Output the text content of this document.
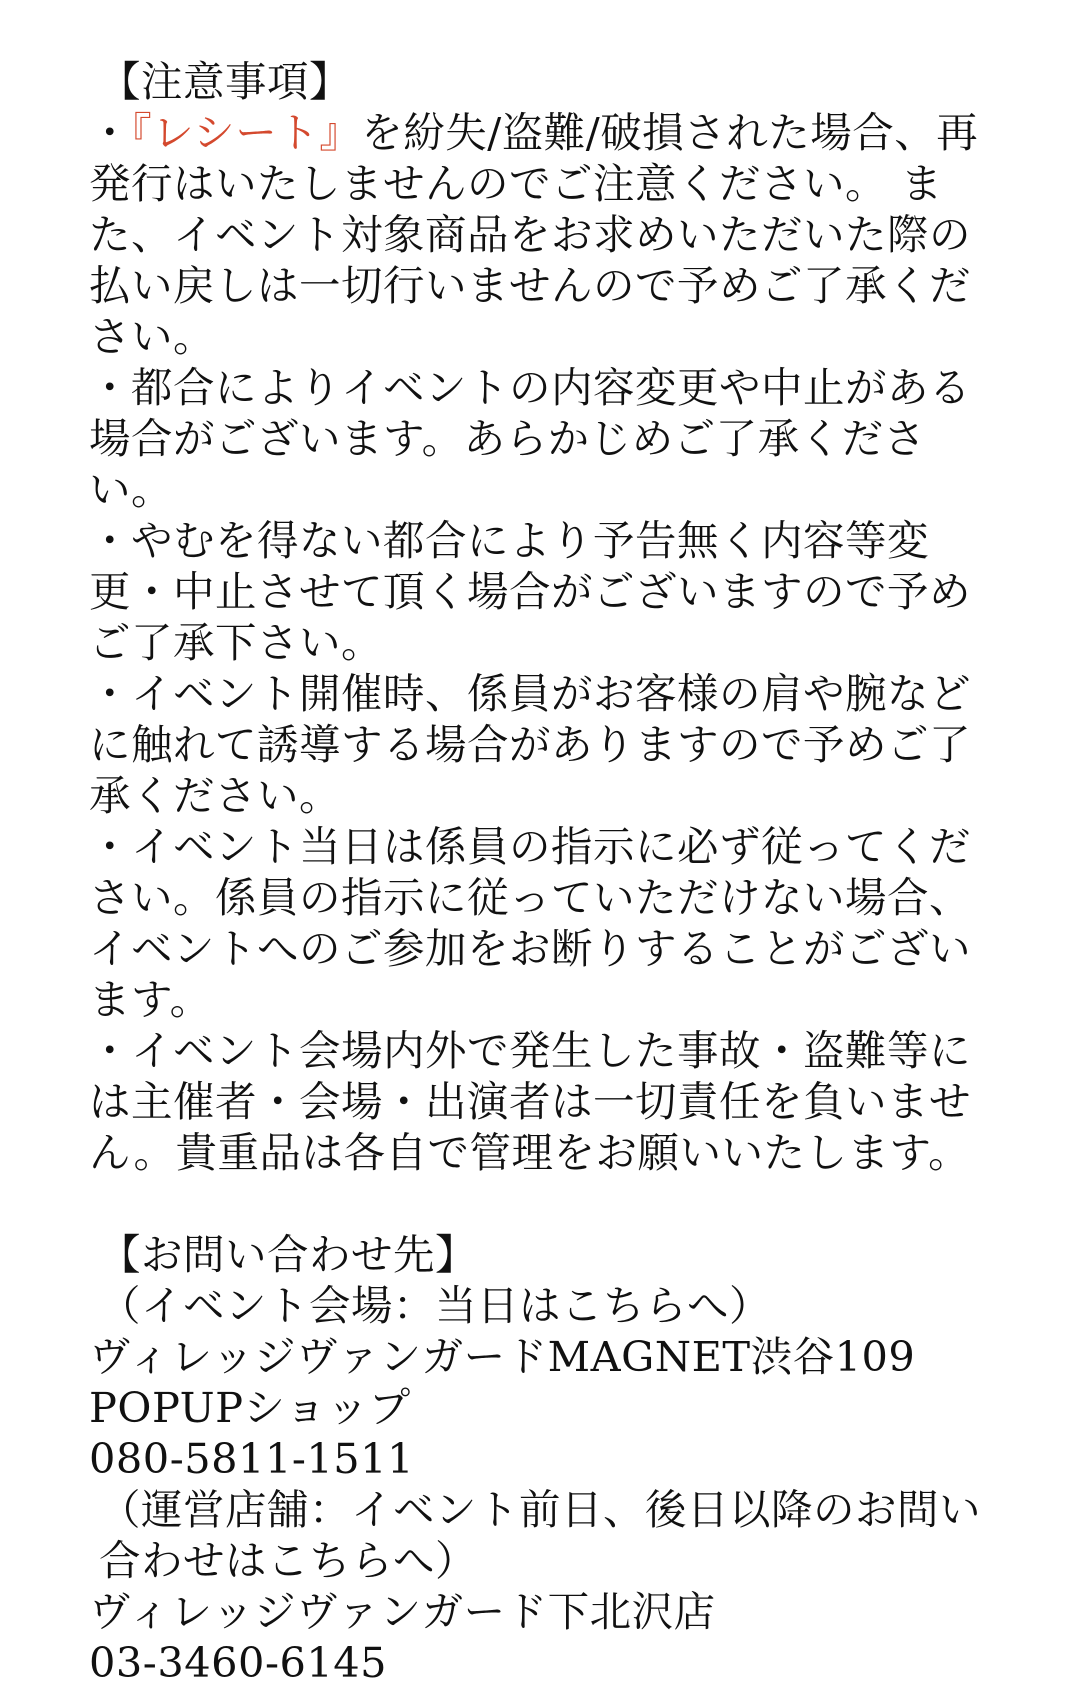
【注意事項】
・『レシート』を紛失/盗難/破損された場合、再発行はいたしませんのでご注意ください。 また、イベント対象商品をお求めいただいた際の払い戻しは一切行いませんので予めご了承ください。
・都合によりイベントの内容変更や中止がある場合がございます。あらかじめご了承ください。
・やむを得ない都合により予告無く内容等変更・中止させて頂く場合がございますので予めご了承下さい。
・イベント開催時、係員がお客様の肩や腕などに触れて誘導する場合がありますので予めご了承ください。
・イベント当日は係員の指示に必ず従ってください。係員の指示に従っていただけない場合、イベントへのご参加をお断りすることがございます。
・イベント会場内外で発生した事故・盗難等には主催者・会場・出演者は一切責任を負いません。貴重品は各自で管理をお願いいたします。
【お問い合わせ先】
（イベント会場：当日はこちらへ）
ヴィレッジヴァンガードMAGNET渋谷109
POPUPショップ
080-5811-1511
（運営店舗：イベント前日、後日以降のお問い合わせはこちらへ）
ヴィレッジヴァンガード下北沢店
03-3460-6145
